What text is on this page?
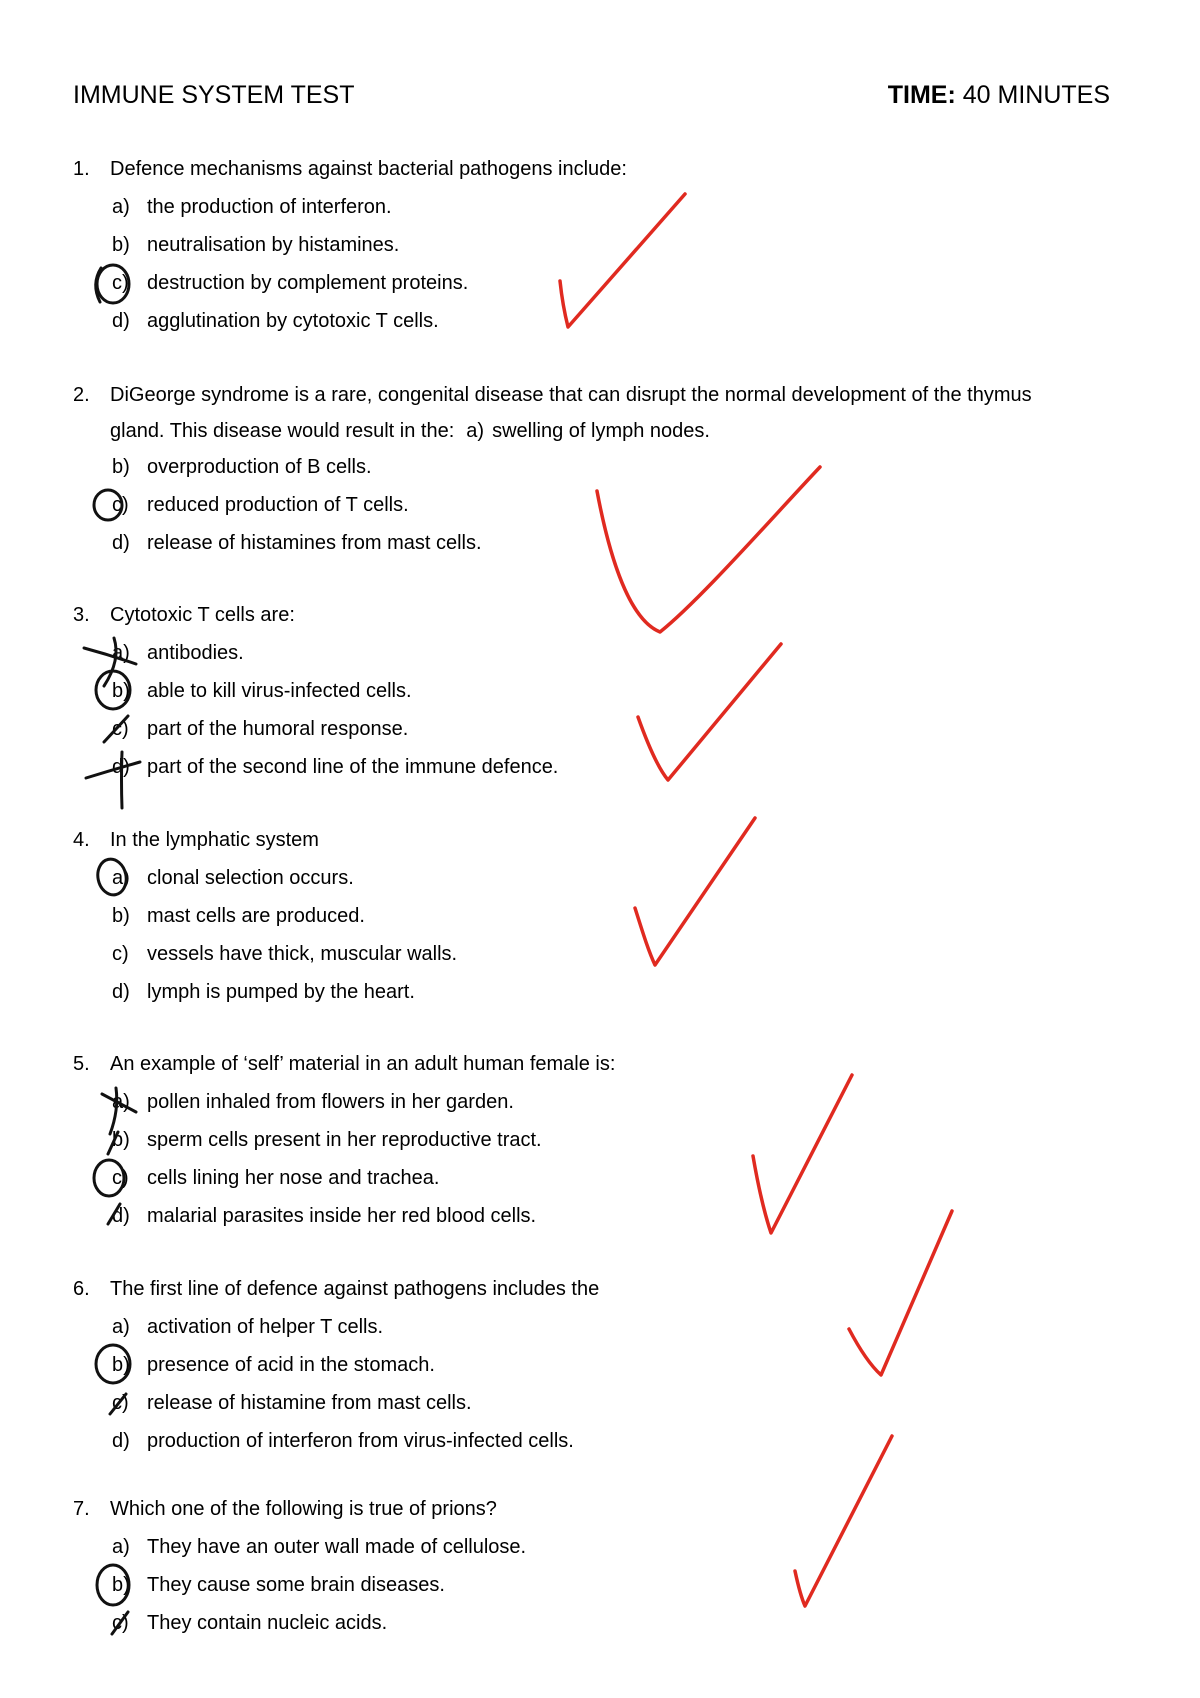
IMMUNE SYSTEM TEST	TIME: 40 MINUTES
1. Defence mechanisms against bacterial pathogens include:
a) the production of interferon.
b) neutralisation by histamines.
c) destruction by complement proteins.
d) agglutination by cytotoxic T cells.
2. DiGeorge syndrome is a rare, congenital disease that can disrupt the normal development of the thymus
gland. This disease would result in the: a) swelling of lymph nodes.
b) overproduction of B cells.
c) reduced production of T cells.
d) release of histamines from mast cells.
3. Cytotoxic T cells are:
a) antibodies.
b) able to kill virus-infected cells.
c) part of the humoral response.
d) part of the second line of the immune defence.
4. In the lymphatic system
a) clonal selection occurs.
b) mast cells are produced.
c) vessels have thick, muscular walls.
d) lymph is pumped by the heart.
5. An example of ‘self’ material in an adult human female is:
a) pollen inhaled from flowers in her garden.
b) sperm cells present in her reproductive tract.
c) cells lining her nose and trachea.
d) malarial parasites inside her red blood cells.
6. The first line of defence against pathogens includes the
a) activation of helper T cells.
b) presence of acid in the stomach.
c) release of histamine from mast cells.
d) production of interferon from virus-infected cells.
7. Which one of the following is true of prions?
a) They have an outer wall made of cellulose.
b) They cause some brain diseases.
c) They contain nucleic acids.
